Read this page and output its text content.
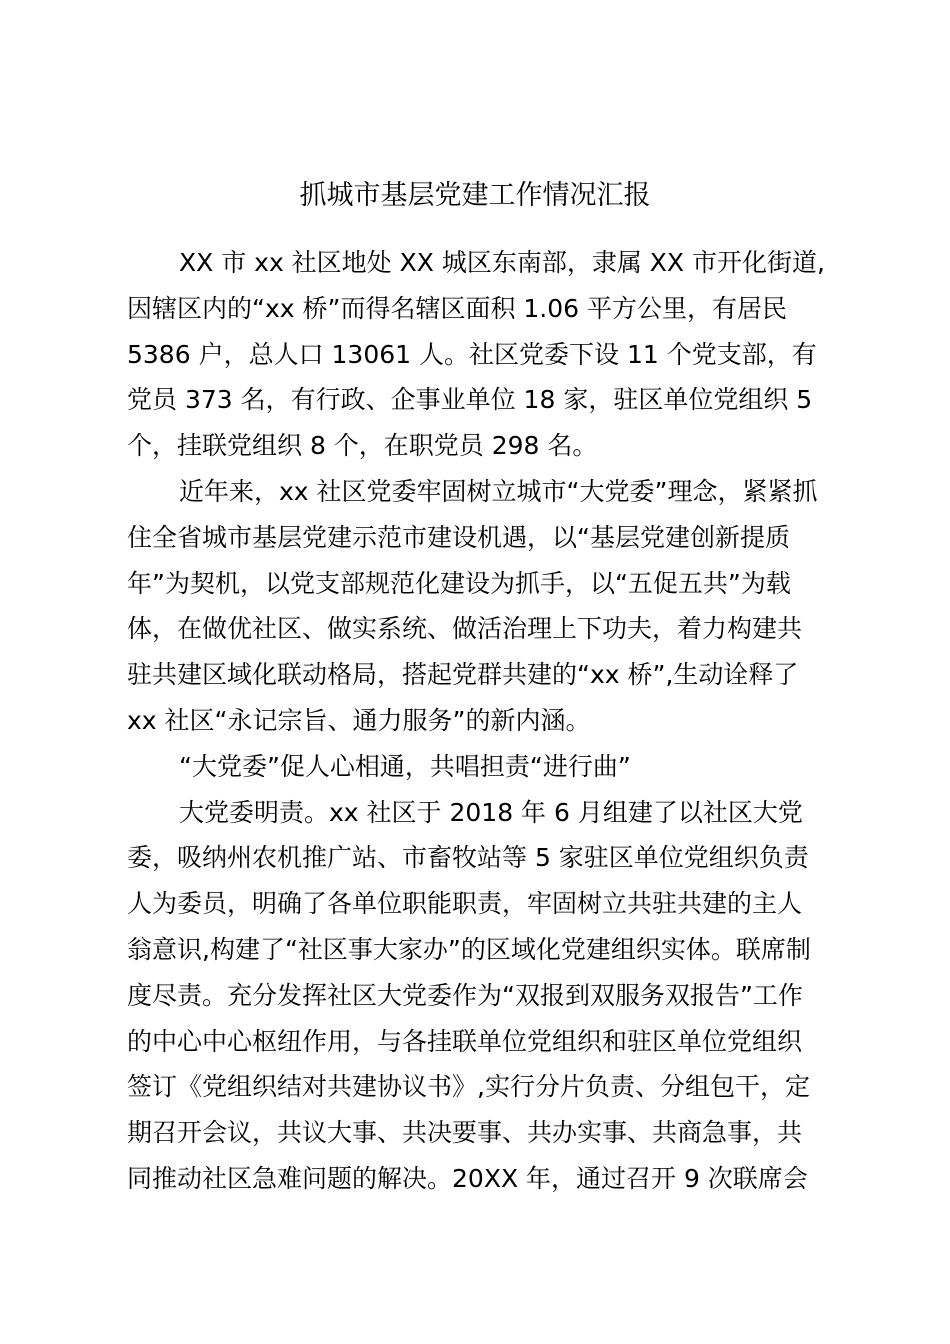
抓城市基层党建工作情况汇报
XX 市 xx 社区地处 XX 城区东南部，隶属 XX 市开化街道,
因辖区内的“xx 桥”而得名辖区面积 1.06 平方公里，有居民
5386 户，总人口 13061 人。社区党委下设 11 个党支部，有
党员 373 名，有行政、企事业单位 18 家，驻区单位党组织 5
个，挂联党组织 8 个，在职党员 298 名。
近年来，xx 社区党委牢固树立城市“大党委”理念，紧紧抓
住全省城市基层党建示范市建设机遇，以“基层党建创新提质
年”为契机，以党支部规范化建设为抓手，以“五促五共”为载
体，在做优社区、做实系统、做活治理上下功夫，着力构建共
驻共建区域化联动格局，搭起党群共建的“xx 桥”,生动诠释了
xx 社区“永记宗旨、通力服务”的新内涵。
“大党委”促人心相通，共唱担责“进行曲”
大党委明责。xx 社区于 2018 年 6 月组建了以社区大党
委，吸纳州农机推广站、市畜牧站等 5 家驻区单位党组织负责
人为委员，明确了各单位职能职责，牢固树立共驻共建的主人
翁意识,构建了“社区事大家办”的区域化党建组织实体。联席制
度尽责。充分发挥社区大党委作为“双报到双服务双报告”工作
的中心中心枢纽作用，与各挂联单位党组织和驻区单位党组织
签订《党组织结对共建协议书》,实行分片负责、分组包干，定
期召开会议，共议大事、共决要事、共办实事、共商急事，共
同推动社区急难问题的解决。20XX 年，通过召开 9 次联席会
